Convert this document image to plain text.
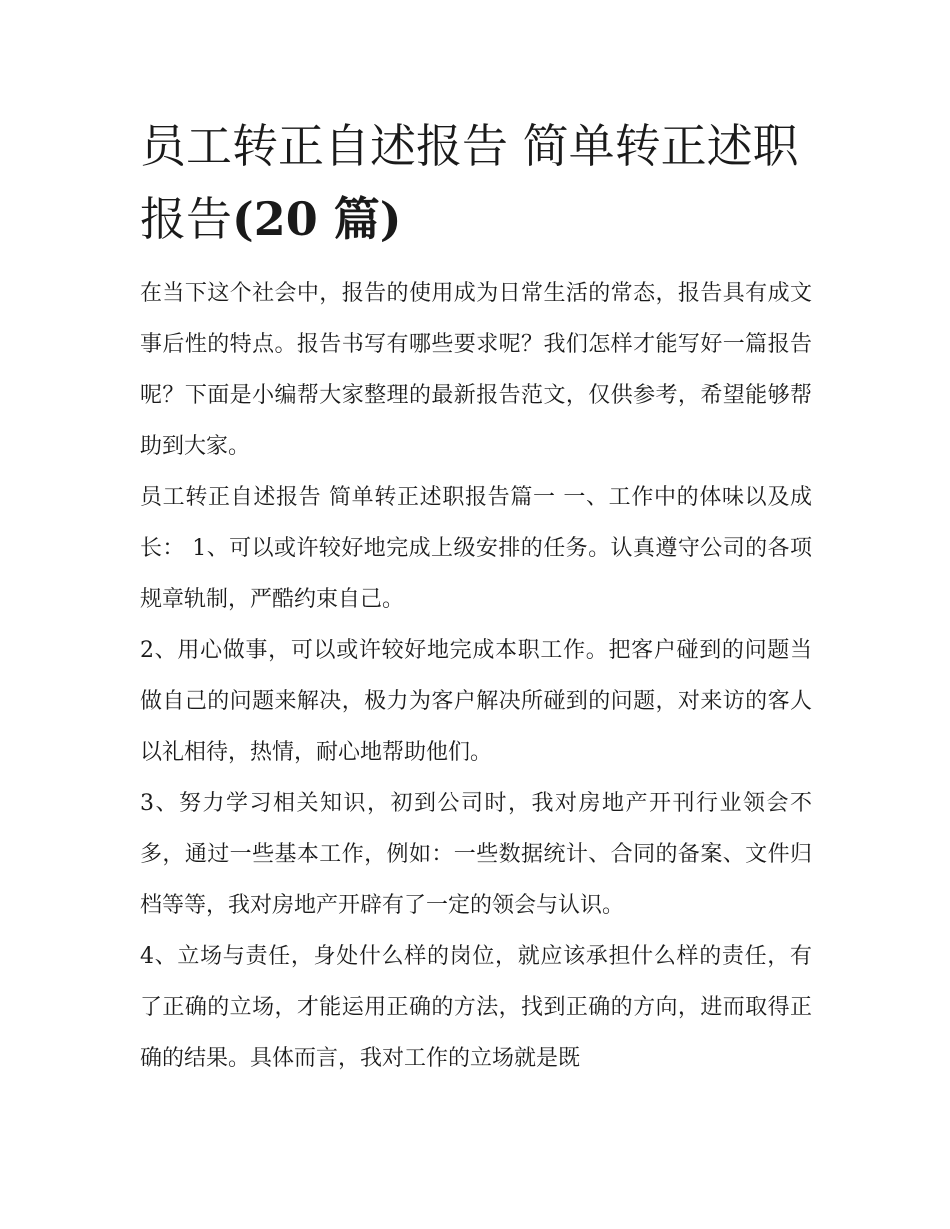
员工转正自述报告 简单转正述职报告(20 篇)

在当下这个社会中，报告的使用成为日常生活的常态，报告具有成文事后性的特点。报告书写有哪些要求呢？我们怎样才能写好一篇报告呢？下面是小编帮大家整理的最新报告范文，仅供参考，希望能够帮助到大家。

员工转正自述报告 简单转正述职报告篇一 一、工作中的体味以及成长： 1、可以或许较好地完成上级安排的任务。认真遵守公司的各项规章轨制，严酷约束自己。

2、用心做事，可以或许较好地完成本职工作。把客户碰到的问题当做自己的问题来解决，极力为客户解决所碰到的问题，对来访的客人以礼相待，热情，耐心地帮助他们。

3、努力学习相关知识，初到公司时，我对房地产开刊行业领会不多，通过一些基本工作，例如：一些数据统计、合同的备案、文件归档等等，我对房地产开辟有了一定的领会与认识。

4、立场与责任，身处什么样的岗位，就应该承担什么样的责任，有了正确的立场，才能运用正确的方法，找到正确的方向，进而取得正确的结果。具体而言，我对工作的立场就是既
